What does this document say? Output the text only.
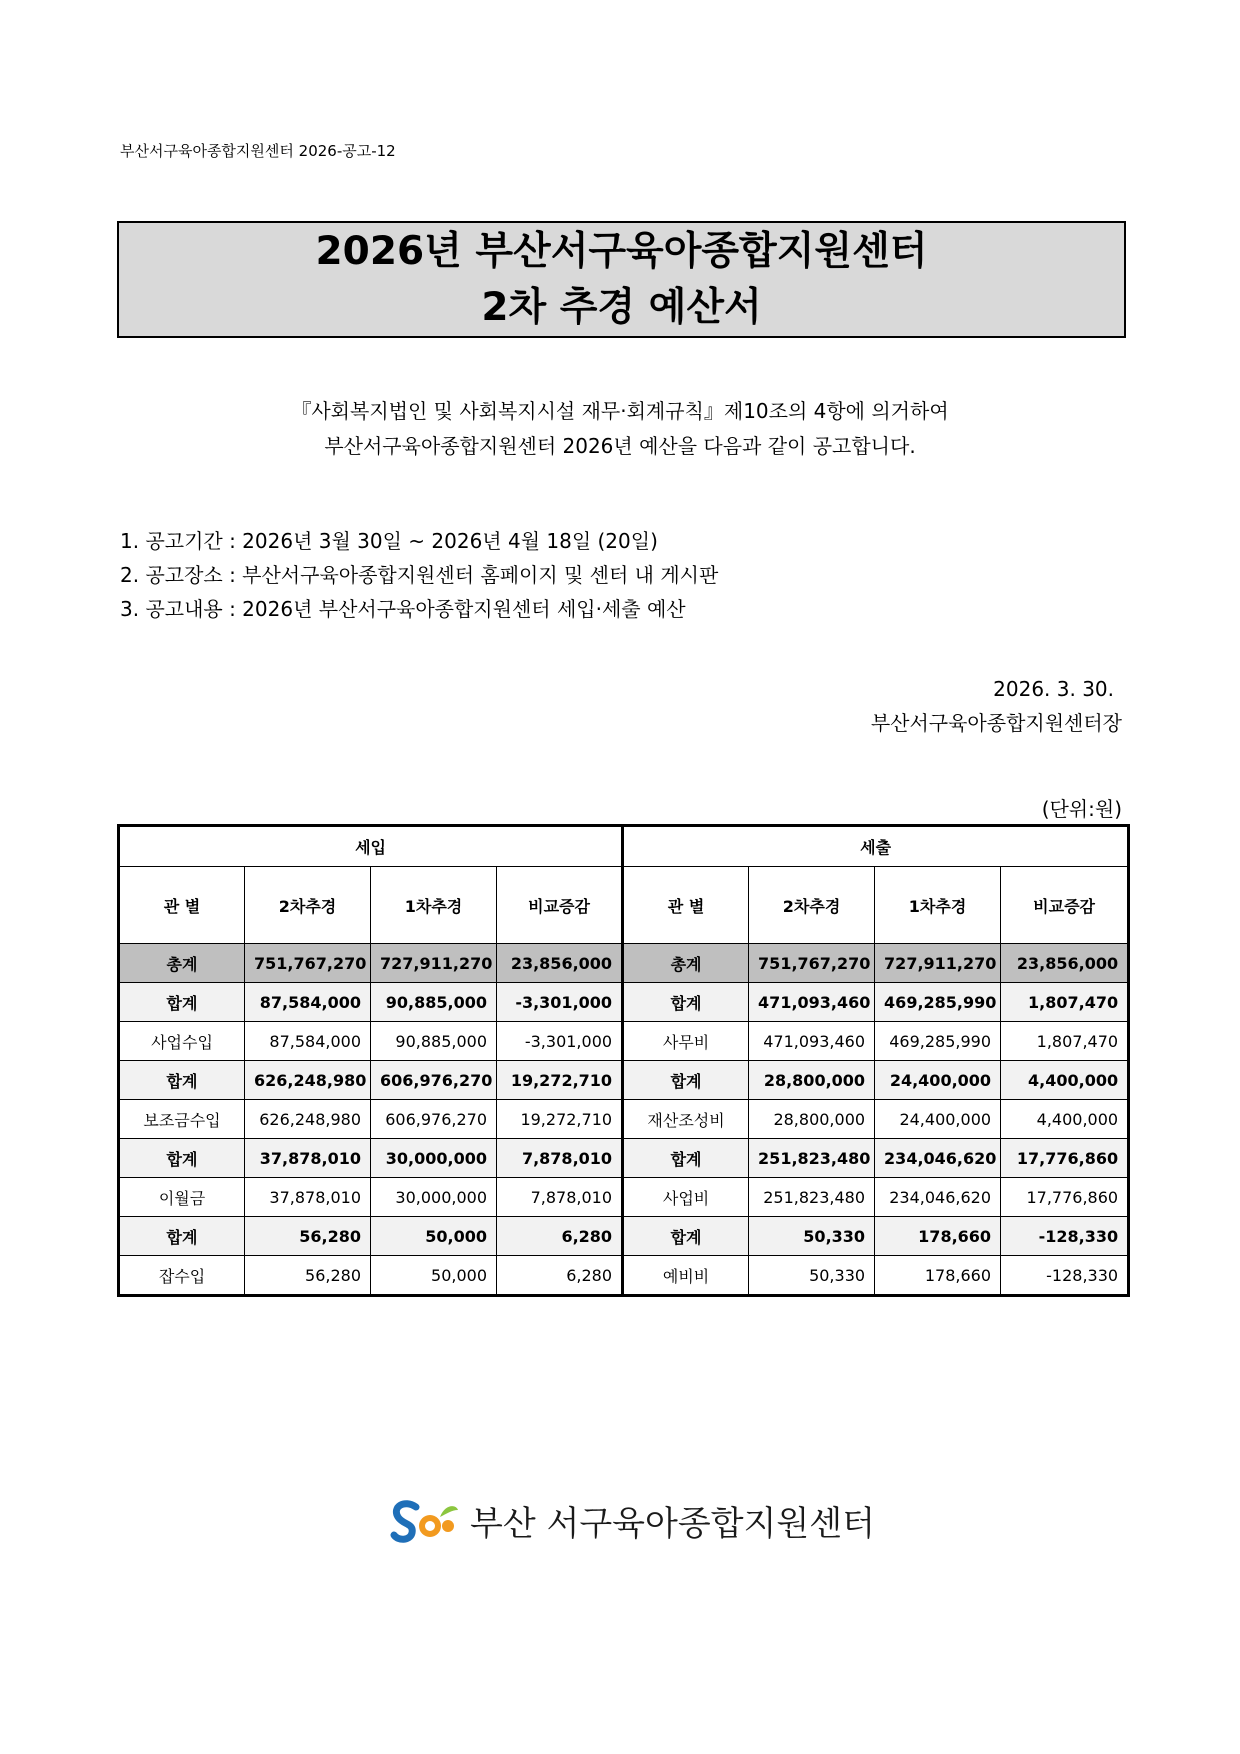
부산서구육아종합지원센터 2026-공고-12
2026년 부산서구육아종합지원센터
2차 추경 예산서
『사회복지법인 및 사회복지시설 재무·회계규칙』제10조의 4항에 의거하여
부산서구육아종합지원센터 2026년 예산을 다음과 같이 공고합니다.
1. 공고기간 : 2026년 3월 30일 ~ 2026년 4월 18일 (20일)
2. 공고장소 : 부산서구육아종합지원센터 홈페이지 및 센터 내 게시판
3. 공고내용 : 2026년 부산서구육아종합지원센터 세입·세출 예산
2026. 3. 30.
부산서구육아종합지원센터장
(단위:원)
세입				세출			
관 별	2차추경	1차추경	비교증감	관 별	2차추경	1차추경	비교증감
총계	751,767,270	727,911,270	23,856,000	총계	751,767,270	727,911,270	23,856,000
합계	87,584,000	90,885,000	-3,301,000	합계	471,093,460	469,285,990	1,807,470
사업수입	87,584,000	90,885,000	-3,301,000	사무비	471,093,460	469,285,990	1,807,470
합계	626,248,980	606,976,270	19,272,710	합계	28,800,000	24,400,000	4,400,000
보조금수입	626,248,980	606,976,270	19,272,710	재산조성비	28,800,000	24,400,000	4,400,000
합계	37,878,010	30,000,000	7,878,010	합계	251,823,480	234,046,620	17,776,860
이월금	37,878,010	30,000,000	7,878,010	사업비	251,823,480	234,046,620	17,776,860
합계	56,280	50,000	6,280	합계	50,330	178,660	-128,330
잡수입	56,280	50,000	6,280	예비비	50,330	178,660	-128,330
부산 서구육아종합지원센터
